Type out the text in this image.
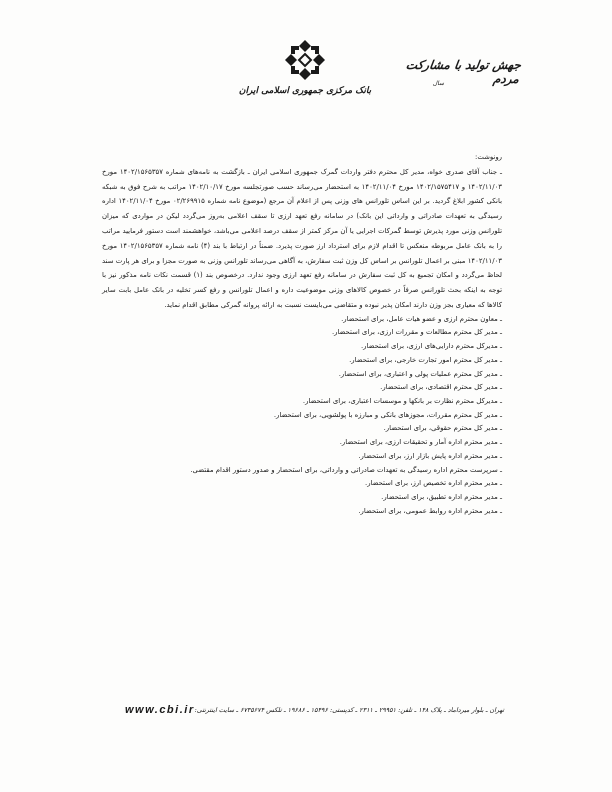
بانک مرکزی جمهوری اسلامی ایران
جهش تولید با مشارکت مردم
سال

رونوشت:

ـ جناب آقای صدری خواه، مدیر کل محترم دفتر واردات گمرک جمهوری اسلامی ایران ـ بازگشت به نامه‌های شماره ۱۴۰۲/۱۵۶۵۳۵۷ مورخ ۱۴۰۲/۱۱/۰۳ و ۱۴۰۲/۱۵۷۵۴۱۷ مورخ ۱۴۰۲/۱۱/۰۴ به استحضار می‌رساند حسب صورتجلسه مورخ ۱۴۰۲/۱۰/۱۷ مراتب به شرح فوق به شبکه بانکی کشور ابلاغ گردید. بر این اساس تلورانس های وزنی پس از اعلام آن مرجع (موضوع نامه شماره ۰۲/۲۶۹۹۱۵ مورخ ۱۴۰۲/۱۱/۰۴ اداره رسیدگی به تعهدات صادراتی و وارداتی این بانک) در سامانه رفع تعهد ارزی تا سقف اعلامی به‌روز می‌گردد لیکن در مواردی که میزان تلورانس وزنی مورد پذیرش توسط گمرکات اجرایی یا آن مرکز کمتر از سقف درصد اعلامی می‌باشد، خواهشمند است دستور فرمایید مراتب را به بانک عامل مربوطه منعکس تا اقدام لازم برای استرداد ارز صورت پذیرد. ضمناً در ارتباط با بند (۴) نامه شماره ۱۴۰۲/۱۵۶۵۳۵۷ مورخ ۱۴۰۲/۱۱/۰۳ مبنی بر اعمال تلورانس بر اساس کل وزن ثبت سفارش، به آگاهی می‌رساند تلورانس وزنی به صورت مجزا و برای هر پارت سند لحاظ می‌گردد و امکان تجمیع به کل ثبت سفارش در سامانه رفع تعهد ارزی وجود ندارد. درخصوص بند (۱) قسمت نکات نامه مذکور نیز با توجه به اینکه بحث تلورانس صرفاً در خصوص کالاهای وزنی موضوعیت داره و اعمال تلورانس و رفع کسر تخلیه در بانک عامل بابت سایر کالاها که معیاری بجز وزن دارند امکان پذیر نبوده و متقاضی می‌بایست نسبت به ارائه پروانه گمرکی مطابق اقدام نماید.

ـ معاون محترم ارزی و عضو هیات عامل، برای استحضار.
ـ مدیر کل محترم مطالعات و مقررات ارزی، برای استحضار.
ـ مدیرکل محترم دارایی‌های ارزی، برای استحضار.
ـ مدیر کل محترم امور تجارت خارجی، برای استحضار.
ـ مدیر کل محترم عملیات پولی و اعتباری، برای استحضار.
ـ مدیر کل محترم اقتصادی، برای استحضار.
ـ مدیرکل محترم نظارت بر بانکها و موسسات اعتباری، برای استحضار.
ـ مدیر کل محترم مقررات، مجوزهای بانکی و مبارزه با پولشویی، برای استحضار.
ـ مدیر کل محترم حقوقی، برای استحضار.
ـ مدیر محترم اداره آمار و تحقیقات ارزی، برای استحضار.
ـ مدیر محترم اداره پایش بازار ارز، برای استحضار.
ـ سرپرست محترم اداره رسیدگی به تعهدات صادراتی و وارداتی، برای استحضار و صدور دستور اقدام مقتضی.
ـ مدیر محترم اداره تخصیص ارز، برای استحضار.
ـ مدیر محترم اداره تطبیق، برای استحضار.
ـ مدیر محترم اداره روابط عمومی، برای استحضار.
www.cbi.ir تهران ـ بلوار میرداماد ـ پلاک ۱۴۸ ـ تلفن: ۲۹۹۵۱ ـ ۲۳۱۱ ـ کدپستی: ۱۵۴۹۶ ـ ۱۹۶۸۶ ـ تلکس ۶۷۳۵۶۷۴ ـ سایت اینترنتی:
